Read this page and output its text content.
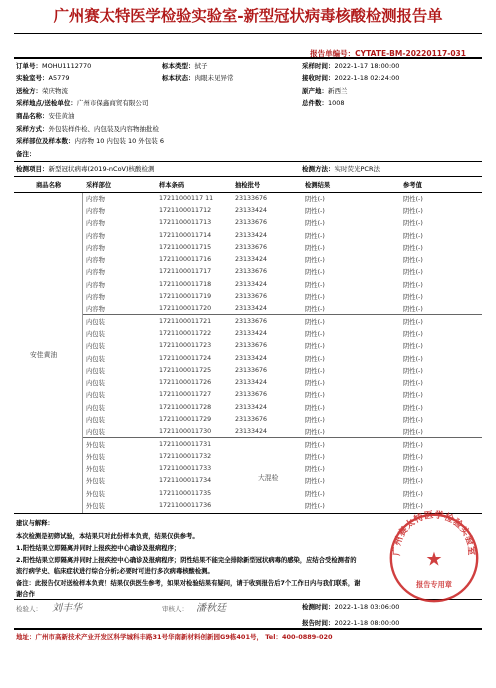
广州赛太特医学检验实验室-新型冠状病毒核酸检测报告单
报告单编号：CYTATE-BM-20220117-031
订单号：MOHU1112770	标本类型：拭子	采样时间：2022-1-17 18:00:00
实验室号：A5779	标本状态：肉眼未见异常	接收时间：2022-1-18 02:24:00
送检方：荣庆物流	原产地：新西兰
采样地点/送检单位：广州市保鑫商贸有限公司	总件数：1008
商品名称：安佳黄油
采样方式：外包装样件检、内包装及内容物抽批检
采样部位及样本数：内容物 10 内包装 10 外包装 6
备注：
检测项目：新型冠状病毒(2019-nCoV)核酸检测	检测方法：实时荧光PCR法
商品名称	采样部位	样本条码	抽检批号	检测结果	参考值
	内容物	17211000117 11	23133676	阴性(-)	阴性(-)
	内容物	1721100011712	23133424	阴性(-)	阴性(-)
	内容物	1721100011713	23133676	阴性(-)	阴性(-)
	内容物	1721100011714	23133424	阴性(-)	阴性(-)
	内容物	1721100011715	23133676	阴性(-)	阴性(-)
	内容物	1721100011716	23133424	阴性(-)	阴性(-)
	内容物	1721100011717	23133676	阴性(-)	阴性(-)
	内容物	1721100011718	23133424	阴性(-)	阴性(-)
	内容物	1721100011719	23133676	阴性(-)	阴性(-)
	内容物	1721100011720	23133424	阴性(-)	阴性(-)
	内包装	1721100011721	23133676	阴性(-)	阴性(-)
	内包装	1721100011722	23133424	阴性(-)	阴性(-)
	内包装	1721100011723	23133676	阴性(-)	阴性(-)
	内包装	1721100011724	23133424	阴性(-)	阴性(-)
	内包装	1721100011725	23133676	阴性(-)	阴性(-)
	内包装	1721100011726	23133424	阴性(-)	阴性(-)
	内包装	1721100011727	23133676	阴性(-)	阴性(-)
	内包装	1721100011728	23133424	阴性(-)	阴性(-)
	内包装	1721100011729	23133676	阴性(-)	阴性(-)
	内包装	1721100011730	23133424	阴性(-)	阴性(-)
	外包装	1721100011731		阴性(-)	阴性(-)
	外包装	1721100011732		阴性(-)	阴性(-)
	外包装	1721100011733		阴性(-)	阴性(-)
	外包装	1721100011734		阴性(-)	阴性(-)
	外包装	1721100011735		阴性(-)	阴性(-)
	外包装	1721100011736		阴性(-)	阴性(-)
安佳黄油
大混检
建议与解释：
本次检测是初筛试验，本结果只对此份样本负责，结果仅供参考。
1.阳性结果立即隔离并同时上报疾控中心确诊及报病程序；
2.阳性结果立即隔离并同时上报疾控中心确诊及报病程序；阴性结果不能完全排除新型冠状病毒的感染，应结合受检测者的
流行病学史、临床症状进行综合分析;必要时可进行多次病毒核酸检测。
备注：此报告仅对送检样本负责！结果仅供医生参考，如果对检验结果有疑问，请于收到报告后7个工作日内与我们联系，谢
谢合作
检验人： 刘丰华	审核人： 潘秋廷	检测时间：2022-1-18 03:06:00
报告时间：2022-1-18 08:00:00
地址：广州市高新技术产业开发区科学城科丰路31号华南新材料创新园G9栋401号， Tel：400-0889-020
广州赛太特医学检验实验室
★
报告专用章
